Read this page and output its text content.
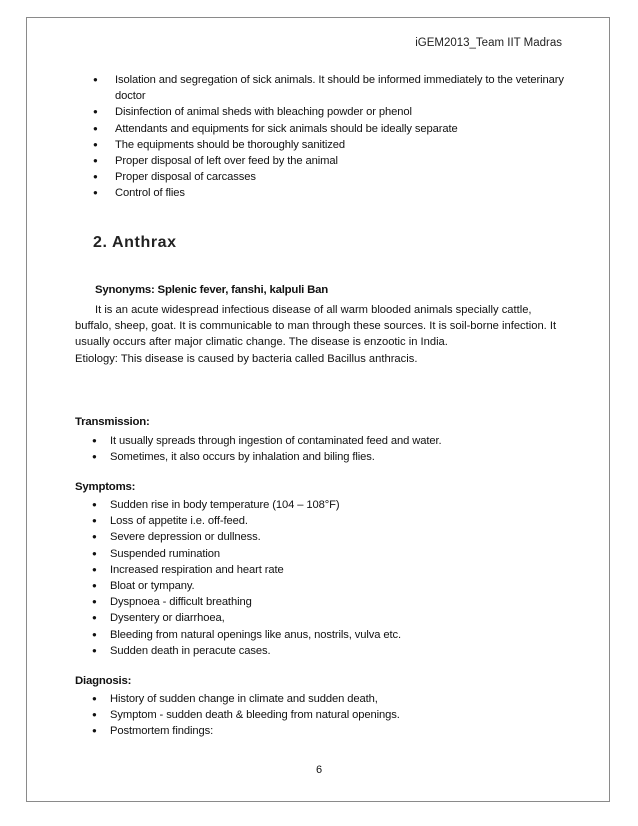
iGEM2013_Team IIT Madras
● Isolation and segregation of sick animals. It should be informed immediately to the veterinary doctor
● Disinfection of animal sheds with bleaching powder or phenol
● Attendants and equipments for sick animals should be ideally separate
● The equipments should be thoroughly sanitized
● Proper disposal of left over feed by the animal
● Proper disposal of carcasses
● Control of flies
2. Anthrax
Synonyms: Splenic fever, fanshi, kalpuli Ban
It is an acute widespread infectious disease of all warm blooded animals specially cattle, buffalo, sheep, goat. It is communicable to man through these sources. It is soil-borne infection. It usually occurs after major climatic change. The disease is enzootic in India.
Etiology: This disease is caused by bacteria called Bacillus anthracis.
Transmission:
● It usually spreads through ingestion of contaminated feed and water.
● Sometimes, it also occurs by inhalation and biling flies.
Symptoms:
● Sudden rise in body temperature (104 – 108°F)
● Loss of appetite i.e. off-feed.
● Severe depression or dullness.
● Suspended rumination
● Increased respiration and heart rate
● Bloat or tympany.
● Dyspnoea - difficult breathing
● Dysentery or diarrhoea,
● Bleeding from natural openings like anus, nostrils, vulva etc.
● Sudden death in peracute cases.
Diagnosis:
● History of sudden change in climate and sudden death,
● Symptom - sudden death & bleeding from natural openings.
● Postmortem findings:
6
